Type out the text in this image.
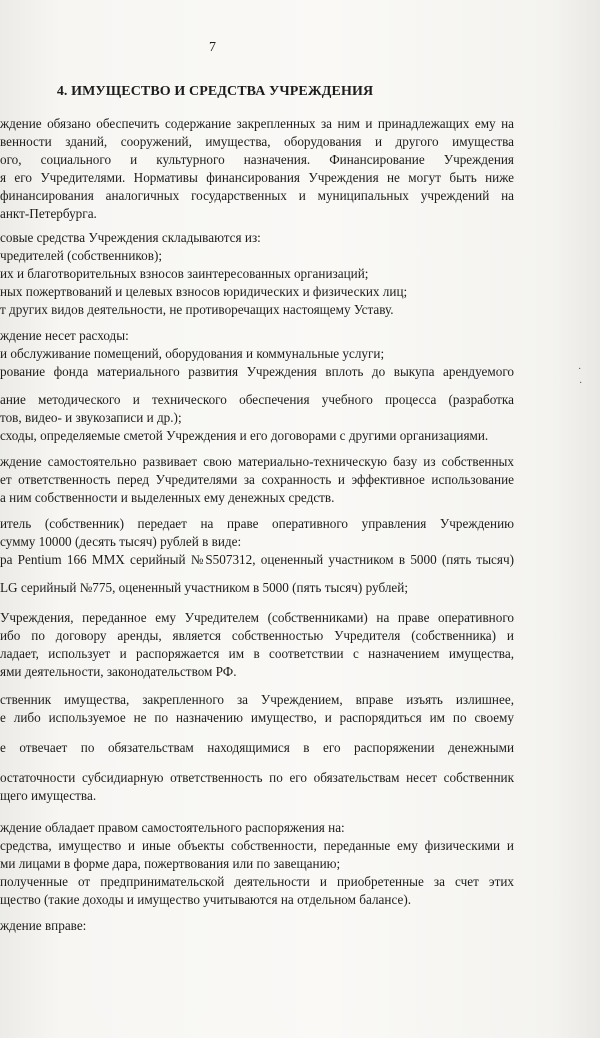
7
4. ИМУЩЕСТВО И СРЕДСТВА УЧРЕЖДЕНИЯ
ждение обязано обеспечить содержание закрепленных за ним и принадлежащих ему на
венности зданий, сооружений, имущества, оборудования и другого имущества
ого, социального и культурного назначения. Финансирование Учреждения
я его Учредителями. Нормативы финансирования Учреждения не могут быть ниже
финансирования аналогичных государственных и муниципальных учреждений на
анкт-Петербурга.
совые средства Учреждения складываются из:
чредителей (собственников);
их и благотворительных взносов заинтересованных организаций;
ных пожертвований и целевых взносов юридических и физических лиц;
т других видов деятельности, не противоречащих настоящему Уставу.
ждение несет расходы:
и обслуживание помещений, оборудования и коммунальные услуги;
рование фонда материального развития Учреждения вплоть до выкупа арендуемого
ание методического и технического обеспечения учебного процесса (разработка
тов, видео- и звукозаписи и др.);
сходы, определяемые сметой Учреждения и его договорами с другими организациями.
ждение самостоятельно развивает свою материально-техническую базу из собственных
ет ответственность перед Учредителями за сохранность и эффективное использование
а ним собственности и выделенных ему денежных средств.
итель (собственник) передает на праве оперативного управления Учреждению
сумму 10000 (десять тысяч) рублей в виде:
ра Pentium 166 MMX серийный №S507312, оцененный участником в 5000 (пять тысяч)
LG серийный №775, оцененный участником в 5000 (пять тысяч) рублей;
Учреждения, переданное ему Учредителем (собственниками) на праве оперативного
ибо по договору аренды, является собственностью Учредителя (собственника) и
ладает, использует и распоряжается им в соответствии с назначением имущества,
ями деятельности, законодательством РФ.
ственник имущества, закрепленного за Учреждением, вправе изъять излишнее,
е либо используемое не по назначению имущество, и распорядиться им по своему
е отвечает по обязательствам находящимися в его распоряжении денежными
остаточности субсидиарную ответственность по его обязательствам несет собственник
щего имущества.
ждение обладает правом самостоятельного распоряжения на:
средства, имущество и иные объекты собственности, переданные ему физическими и
ми лицами в форме дара, пожертвования или по завещанию;
полученные от предпринимательской деятельности и приобретенные за счет этих
щество (такие доходы и имущество учитываются на отдельном балансе).
ждение вправе:
·
·
